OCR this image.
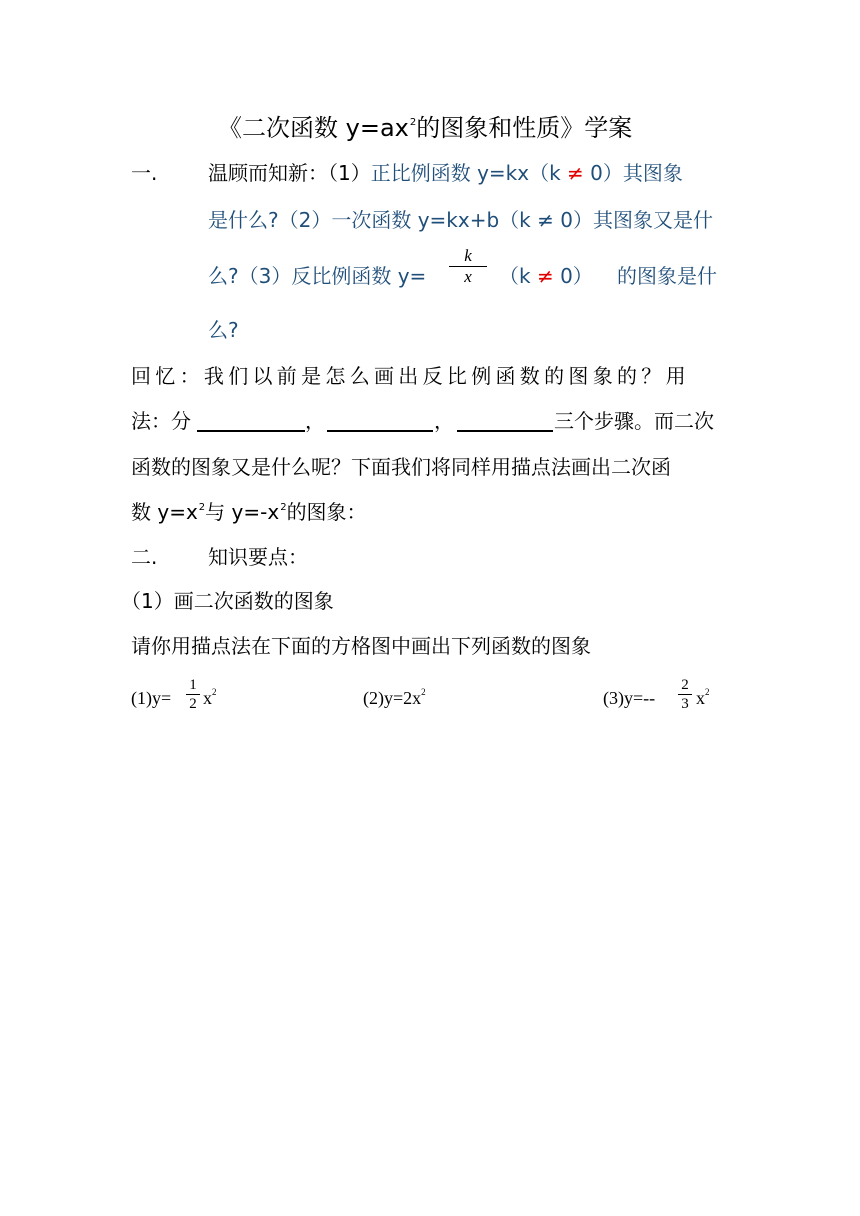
《二次函数 $y=ax^2$的图象和性质》学案
一.	温顾而知新：（1）正比例函数 y=kx（k ≠ 0）其图象
是什么?（2）一次函数 y=kx+b（k ≠ 0）其图象又是什
么?（3）反比例函数 y=
k
x	（k ≠ 0） 的图象是什
么?
回忆：我们以前是怎么画出反比例函数的图象的？用
法：分	，	，	三个步骤。而二次
函数的图象又是什么呢？下面我们将同样用描点法画出二次函
数 $y=x^2$与 $y=-x^2$的图象：
二.	知识要点：
（1）画二次函数的图象
请你用描点法在下面的方格图中画出下列函数的图象
(1)y=
1
2 $x^2$	$(2)y=2x^2$	(3)y=--
2
3 $x^2$
